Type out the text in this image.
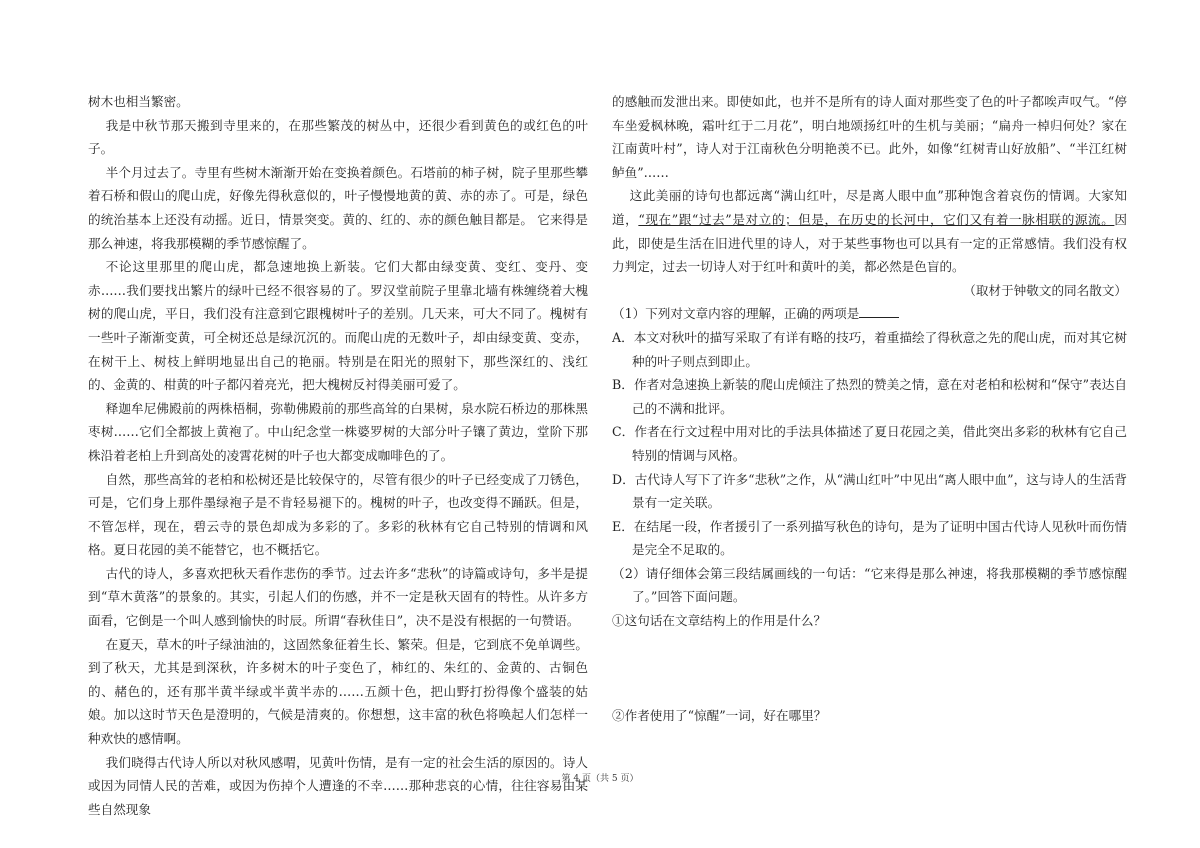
树木也相当繁密。

我是中秋节那天搬到寺里来的，在那些繁茂的树丛中，还很少看到黄色的或红色的叶子。

半个月过去了。寺里有些树木渐渐开始在变换着颜色。石塔前的柿子树，院子里那些攀着石桥和假山的爬山虎，好像先得秋意似的，叶子慢慢地黄的黄、赤的赤了。可是，绿色的统治基本上还没有动摇。近日，情景突变。黄的、红的、赤的颜色触目都是。 它来得是那么神速，将我那模糊的季节感惊醒了。

不论这里那里的爬山虎，都急速地换上新装。它们大都由绿变黄、变红、变丹、变赤……我们要找出繁片的绿叶已经不很容易的了。罗汉堂前院子里靠北墙有株缠绕着大槐树的爬山虎，平日，我们没有注意到它跟槐树叶子的差别。几天来，可大不同了。槐树有一些叶子渐渐变黄，可全树还总是绿沉沉的。而爬山虎的无数叶子，却由绿变黄、变赤，在树干上、树枝上鲜明地显出自己的艳丽。特别是在阳光的照射下，那些深红的、浅红的、金黄的、柑黄的叶子都闪着亮光，把大槐树反衬得美丽可爱了。

释迦牟尼佛殿前的两株梧桐，弥勒佛殿前的那些高耸的白果树，泉水院石桥边的那株黑枣树……它们全都披上黄袍了。中山纪念堂一株婆罗树的大部分叶子镶了黄边，堂阶下那株沿着老柏上升到高处的凌霄花树的叶子也大都变成咖啡色的了。

自然，那些高耸的老柏和松树还是比较保守的，尽管有很少的叶子已经变成了刀锈色，可是，它们身上那件墨绿袍子是不肯轻易褪下的。槐树的叶子，也改变得不踊跃。但是，不管怎样，现在，碧云寺的景色却成为多彩的了。多彩的秋林有它自己特别的情调和风格。夏日花园的美不能替它，也不概括它。

古代的诗人，多喜欢把秋天看作悲伤的季节。过去许多“悲秋”的诗篇或诗句，多半是提到“草木黄落”的景象的。其实，引起人们的伤感，并不一定是秋天固有的特性。从许多方面看，它倒是一个叫人感到愉快的时辰。所谓“春秋佳日”，决不是没有根据的一句赞语。

在夏天，草木的叶子绿油油的，这固然象征着生长、繁荣。但是，它到底不免单调些。到了秋天，尤其是到深秋，许多树木的叶子变色了，柿红的、朱红的、金黄的、古铜色的、赭色的，还有那半黄半绿或半黄半赤的……五颜十色，把山野打扮得像个盛装的姑娘。加以这时节天色是澄明的，气候是清爽的。你想想，这丰富的秋色将唤起人们怎样一种欢快的感情啊。

我们晓得古代诗人所以对秋风感喟，见黄叶伤情，是有一定的社会生活的原因的。诗人或因为同情人民的苦难，或因为伤掉个人遭逢的不幸……那种悲哀的心情，往往容易由某些自然现象

的感触而发泄出来。即使如此，也并不是所有的诗人面对那些变了色的叶子都唉声叹气。“停车坐爱枫林晚，霜叶红于二月花”，明白地颂扬红叶的生机与美丽；“扁舟一棹归何处？家在江南黄叶村”，诗人对于江南秋色分明艳羡不已。此外，如像“红树青山好放船”、“半江红树鲈鱼”……

这此美丽的诗句也都远离“满山红叶，尽是离人眼中血”那种饱含着哀伤的情调。大家知道，“现在”跟“过去”是对立的；但是，在历史的长河中，它们又有着一脉相联的源流。因此，即使是生活在旧进代里的诗人，对于某些事物也可以具有一定的正常感情。我们没有权力判定，过去一切诗人对于红叶和黄叶的美，都必然是色盲的。

（取材于钟敬文的同名散文）

（1）下列对文章内容的理解，正确的两项是

A．本文对秋叶的描写采取了有详有略的技巧，着重描绘了得秋意之先的爬山虎，而对其它树种的叶子则点到即止。

B．作者对急速换上新装的爬山虎倾注了热烈的赞美之情，意在对老柏和松树和“保守”表达自己的不满和批评。

C．作者在行文过程中用对比的手法具体描述了夏日花园之美，借此突出多彩的秋林有它自己特别的情调与风格。

D．古代诗人写下了许多“悲秋”之作，从“满山红叶”中见出“离人眼中血”，这与诗人的生活背景有一定关联。

E．在结尾一段，作者援引了一系列描写秋色的诗句，是为了证明中国古代诗人见秋叶而伤情是完全不足取的。

（2）请仔细体会第三段结属画线的一句话：“它来得是那么神速，将我那模糊的季节感惊醒了。”回答下面问题。

①这句话在文章结构上的作用是什么？

②作者使用了“惊醒”一词，好在哪里？

第 4 页（共 5 页）
